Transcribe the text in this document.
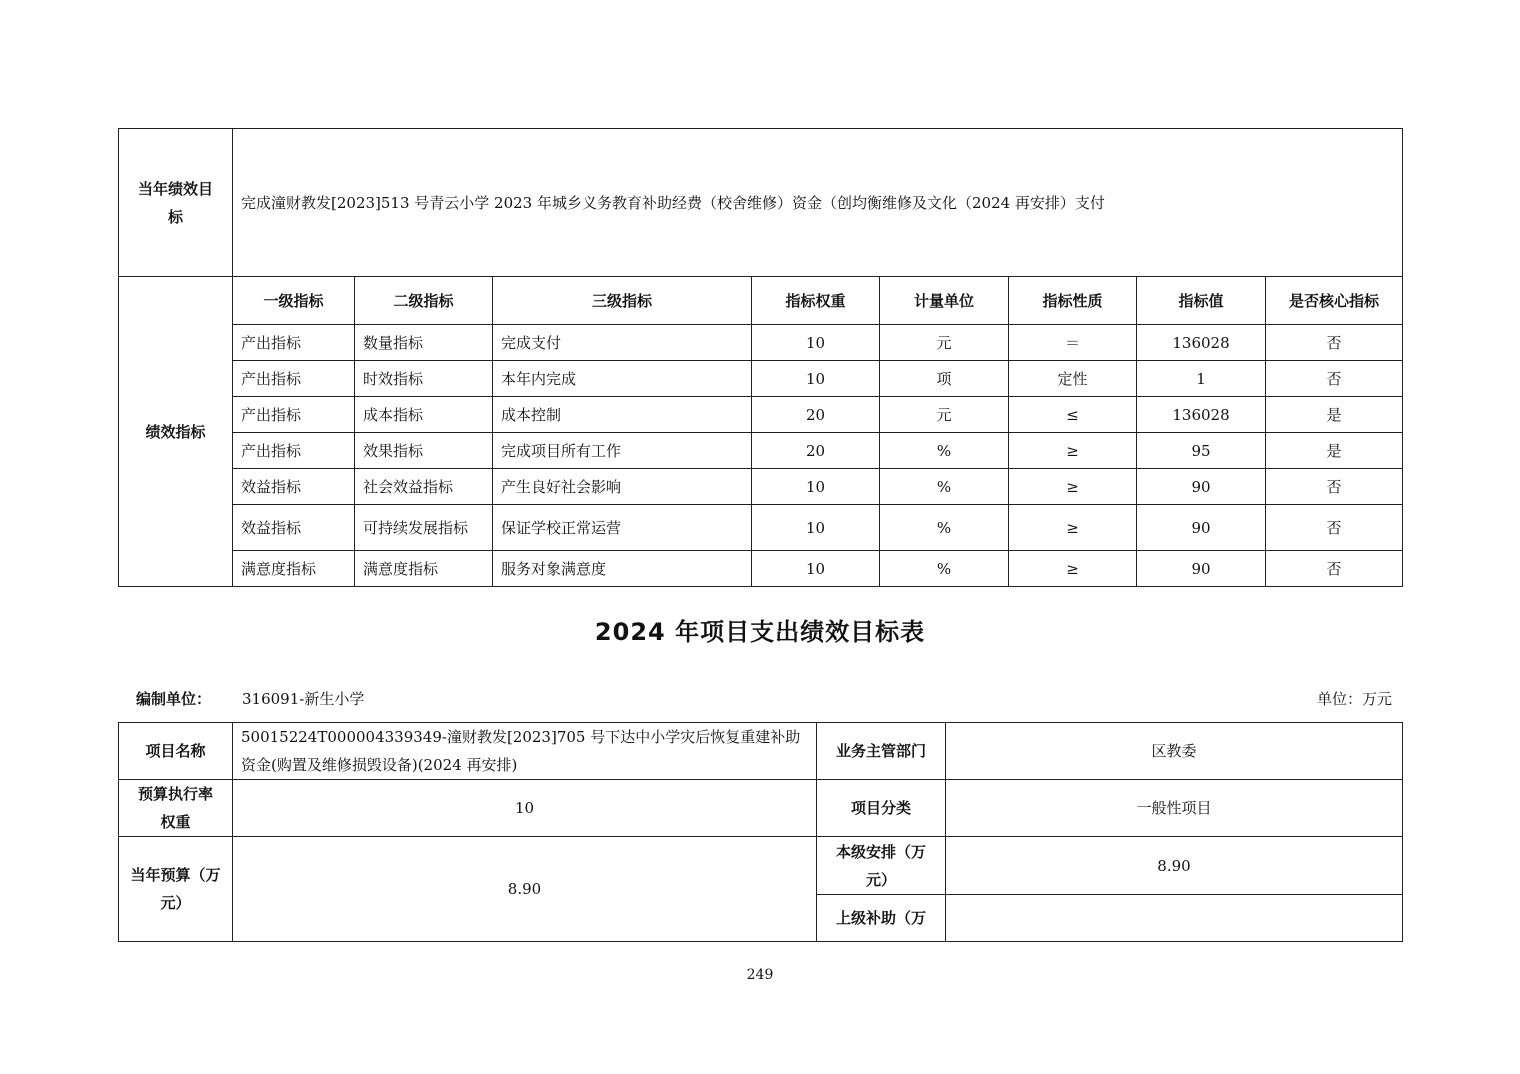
当年绩效目标	完成潼财教发[2023]513 号青云小学 2023 年城乡义务教育补助经费（校舍维修）资金（创均衡维修及文化（2024 再安排）支付							
绩效指标	一级指标	二级指标	三级指标	指标权重	计量单位	指标性质	指标值	是否核心指标
	产出指标	数量指标	完成支付	10	元	＝	136028	否
	产出指标	时效指标	本年内完成	10	项	定性	1	否
	产出指标	成本指标	成本控制	20	元	≤	136028	是
	产出指标	效果指标	完成项目所有工作	20	%	≥	95	是
	效益指标	社会效益指标	产生良好社会影响	10	%	≥	90	否
	效益指标	可持续发展指标	保证学校正常运营	10	%	≥	90	否
	满意度指标	满意度指标	服务对象满意度	10	%	≥	90	否
2024 年项目支出绩效目标表
编制单位： 316091-新生小学	单位：万元
项目名称	50015224T000004339349-潼财教发[2023]705 号下达中小学灾后恢复重建补助资金(购置及维修损毁设备)(2024 再安排)	业务主管部门	区教委
预算执行率权重	10	项目分类	一般性项目
当年预算（万元）	8.90	本级安排（万元）	8.90
		上级补助（万	
249
